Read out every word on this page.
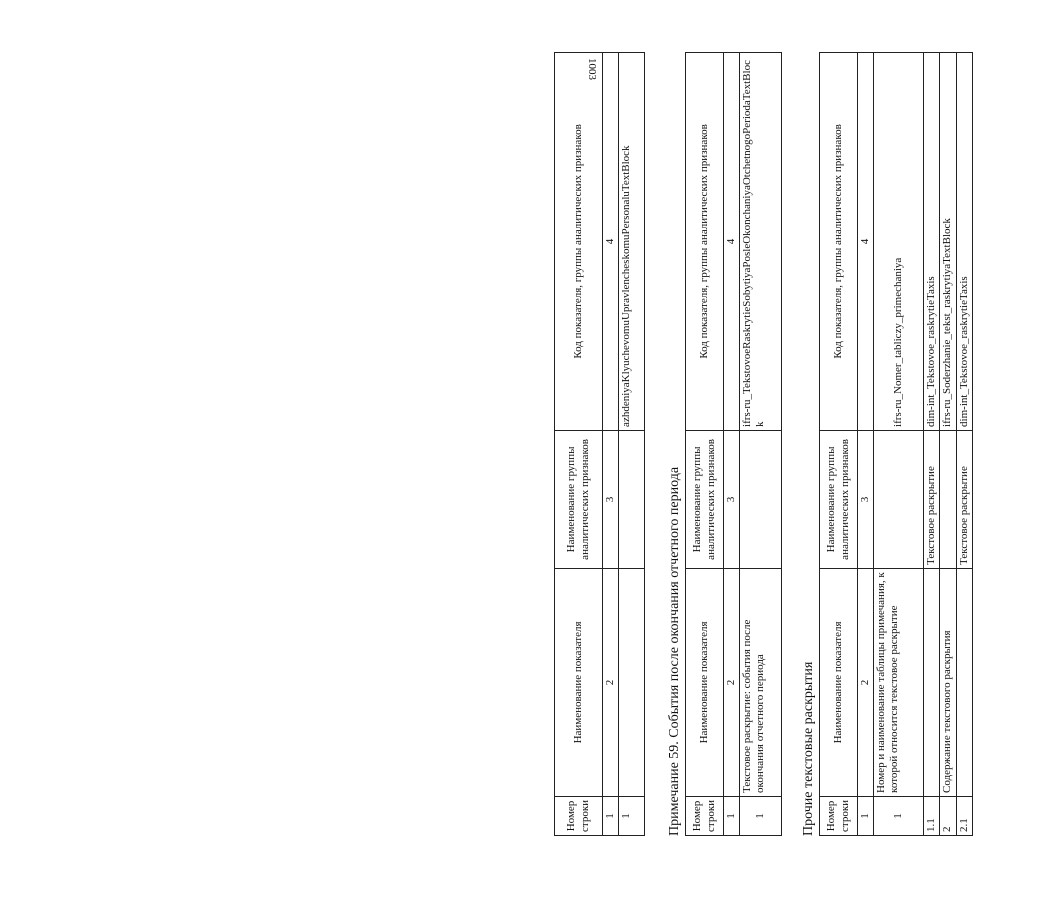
1003
Номер строки	Наименование показателя	Наименование группы аналитических признаков	Код показателя, группы аналитических признаков
1	2	3	4
1			azhdeniyaKlyuchevomuUpravlencheskomuPersonaluTextBlock

Примечание 59. События после окончания отчетного периода Номер строки	Наименование показателя	Наименование группы аналитических признаков	Код показателя, группы аналитических признаков
1	2	3	4
1	Текстовое раскрытие: события после окончания отчетного периода		ifrs-ru_TekstovoeRaskrytieSobytiyaPosleOkonchaniyaOtchetnogoPeriodaTextBlock

Прочие текстовые раскрытия Номер строки	Наименование показателя	Наименование группы аналитических признаков	Код показателя, группы аналитических признаков
1	2	3	4
1	Номер и наименование таблицы примечания, к которой относится текстовое раскрытие		ifrs-ru_Nomer_tabliczy_primechaniya
1.1		Текстовое раскрытие	dim-int_Tekstovoe_raskrytieTaxis
2	Содержание текстового раскрытия		ifrs-ru_Soderzhanie_tekst_raskrytiyaTextBlock
2.1		Текстовое раскрытие	dim-int_Tekstovoe_raskrytieTaxis
